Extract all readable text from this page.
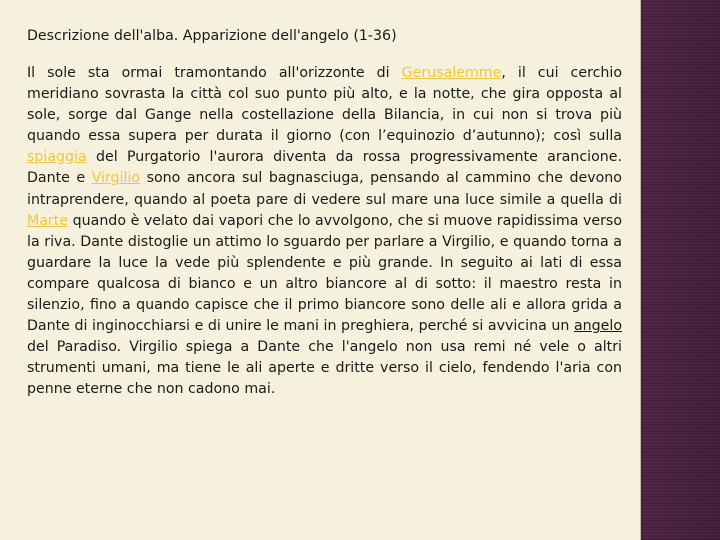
Descrizione dell'alba. Apparizione dell'angelo (1-36)

Il sole sta ormai tramontando all'orizzonte di Gerusalemme, il cui cerchio meridiano sovrasta la città col suo punto più alto, e la notte, che gira opposta al sole, sorge dal Gange nella costellazione della Bilancia, in cui non si trova più quando essa supera per durata il giorno (con l’equinozio d’autunno); così sulla spiaggia del Purgatorio l'aurora diventa da rossa progressivamente arancione. Dante e Virgilio sono ancora sul bagnasciuga, pensando al cammino che devono intraprendere, quando al poeta pare di vedere sul mare una luce simile a quella di Marte quando è velato dai vapori che lo avvolgono, che si muove rapidissima verso la riva. Dante distoglie un attimo lo sguardo per parlare a Virgilio, e quando torna a guardare la luce la vede più splendente e più grande. In seguito ai lati di essa compare qualcosa di bianco e un altro biancore al di sotto: il maestro resta in silenzio, fino a quando capisce che il primo biancore sono delle ali e allora grida a Dante di inginocchiarsi e di unire le mani in preghiera, perché si avvicina un angelo del Paradiso. Virgilio spiega a Dante che l'angelo non usa remi né vele o altri strumenti umani, ma tiene le ali aperte e dritte verso il cielo, fendendo l'aria con penne eterne che non cadono mai.
